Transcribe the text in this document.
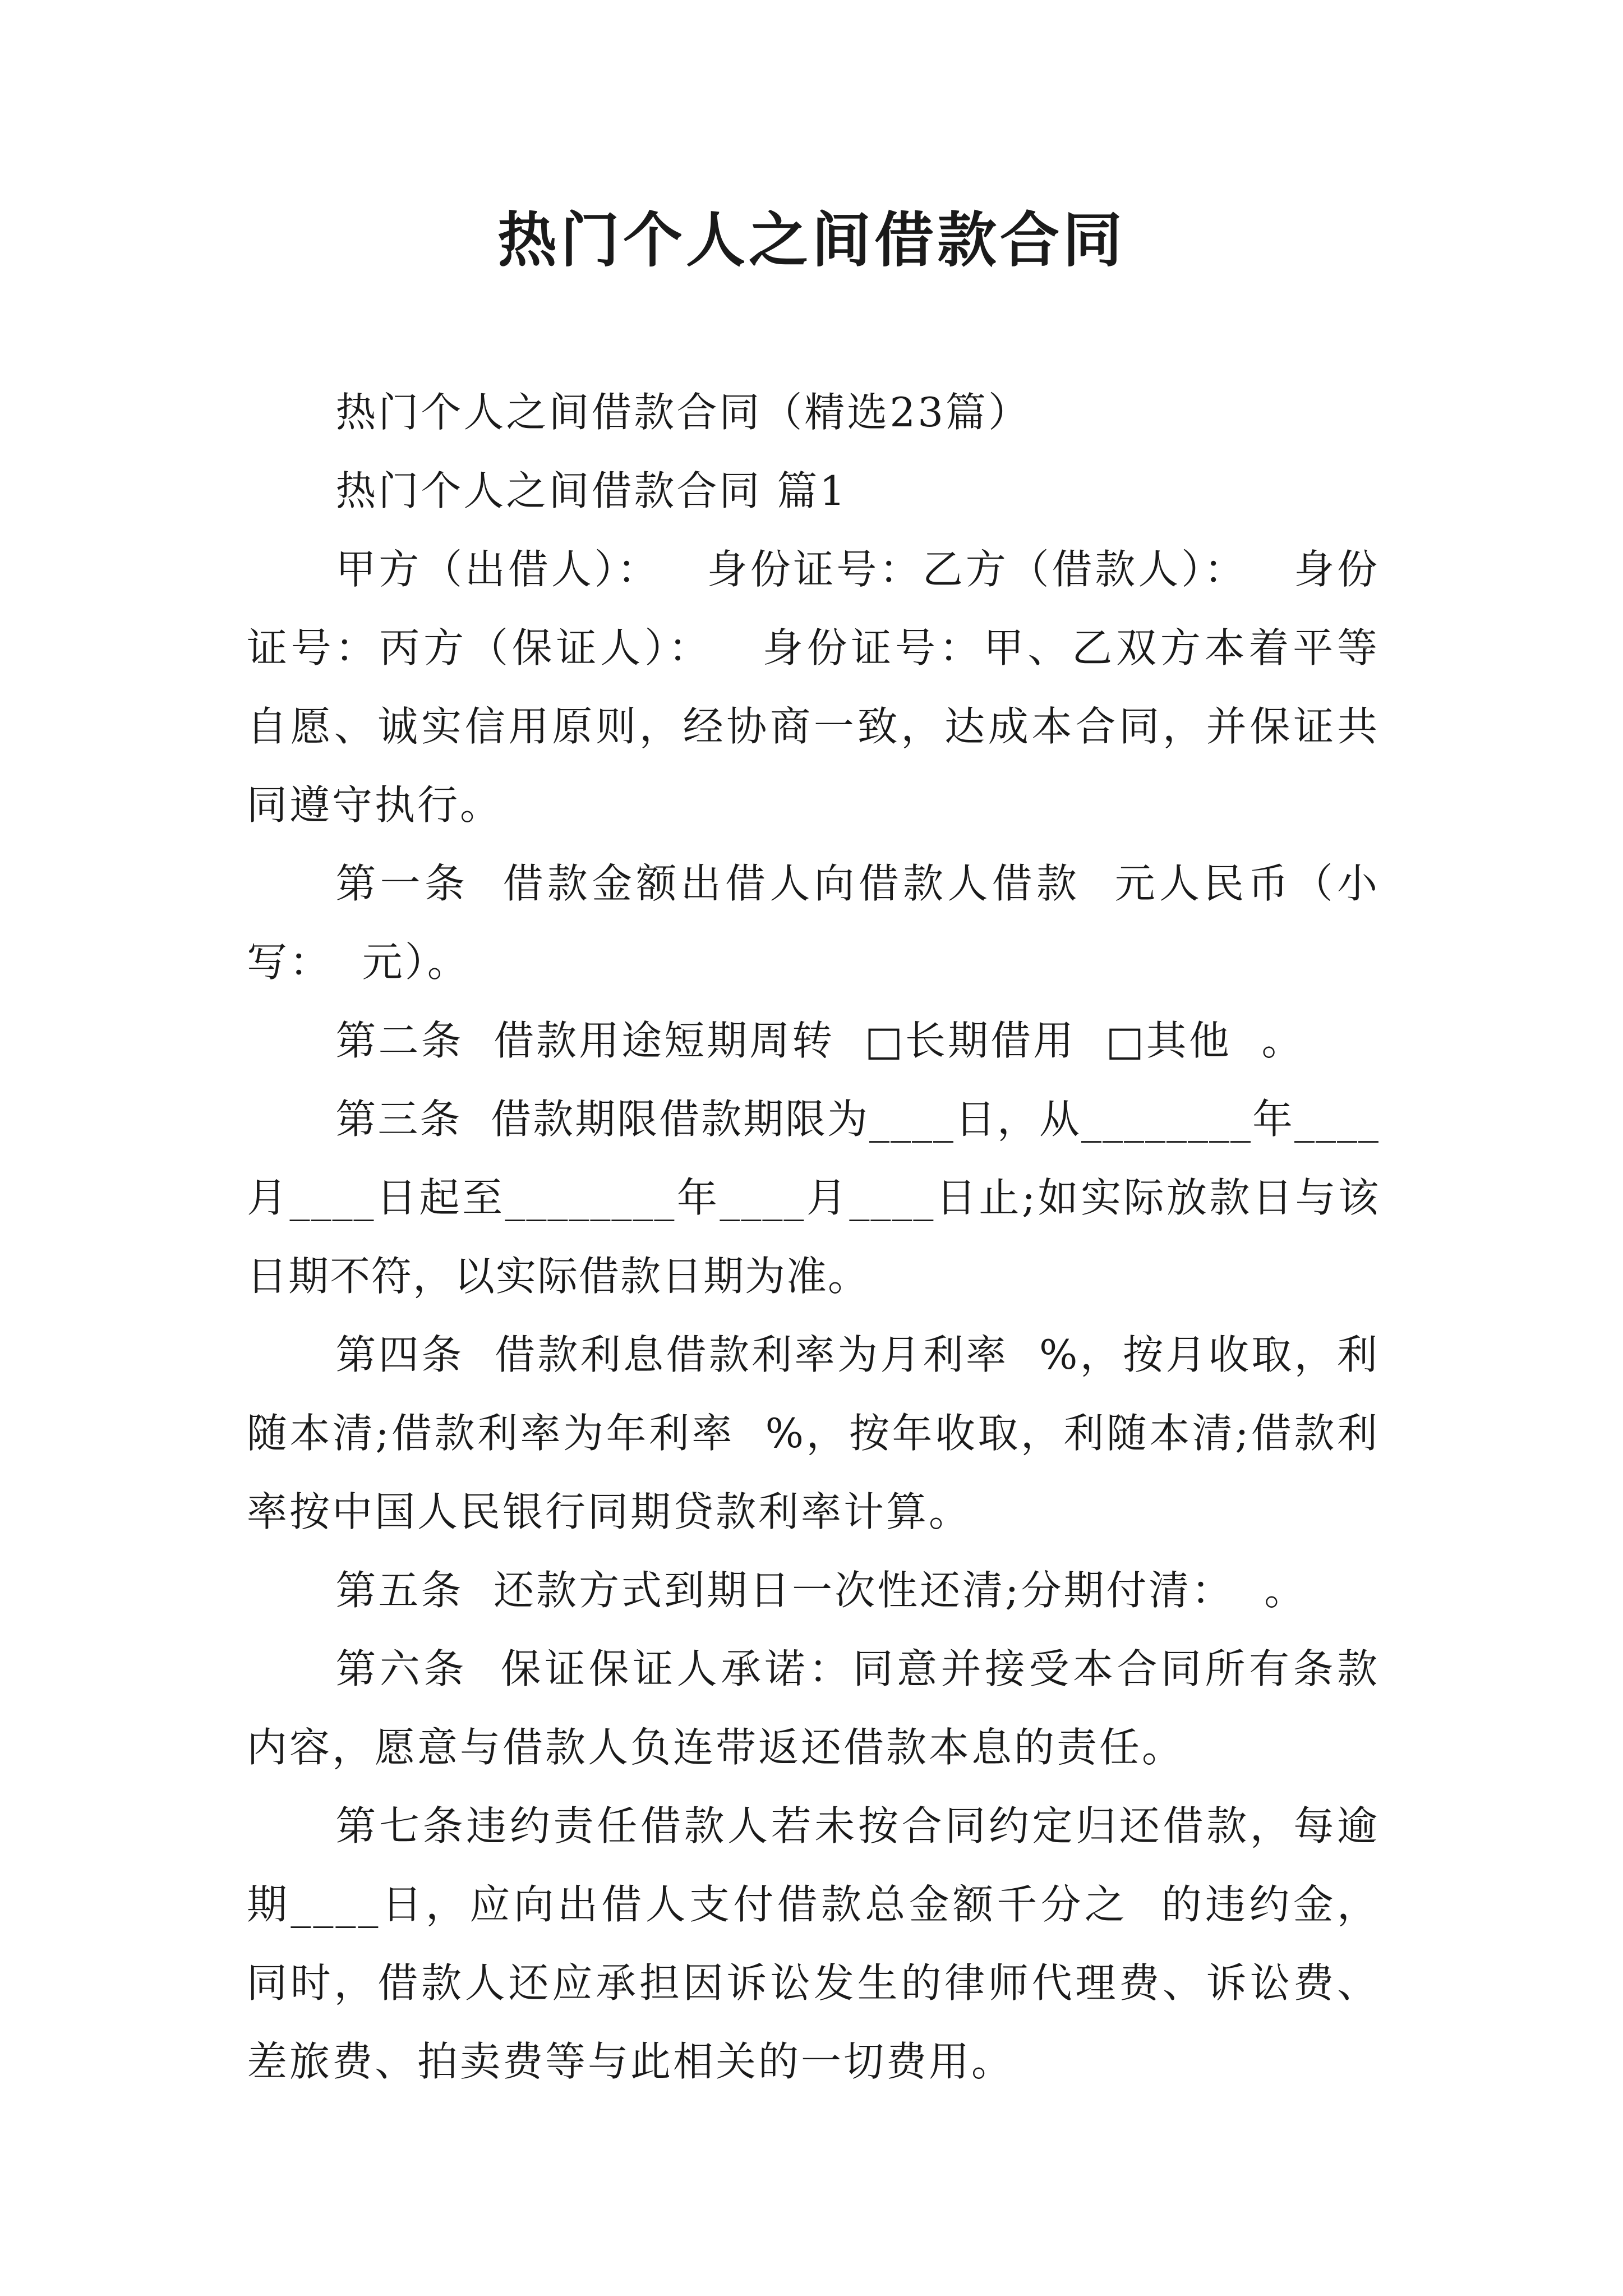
热门个人之间借款合同

热门个人之间借款合同（精选23篇）

热门个人之间借款合同 篇1

甲方（出借人）：   身份证号：乙方（借款人）：   身份证号：丙方（保证人）：   身份证号：甲、乙双方本着平等自愿、诚实信用原则，经协商一致，达成本合同，并保证共同遵守执行。

第一条  借款金额出借人向借款人借款  元人民币（小写：  元）。

第二条  借款用途短期周转  □长期借用  □其他  。

第三条  借款期限借款期限为____日，从________年____月____日起至________年____月____日止;如实际放款日与该日期不符，以实际借款日期为准。

第四条  借款利息借款利率为月利率  %，按月收取，利随本清;借款利率为年利率  %，按年收取，利随本清;借款利率按中国人民银行同期贷款利率计算。

第五条  还款方式到期日一次性还清;分期付清：  。

第六条  保证保证人承诺：同意并接受本合同所有条款内容，愿意与借款人负连带返还借款本息的责任。

第七条违约责任借款人若未按合同约定归还借款，每逾期____日，应向出借人支付借款总金额千分之  的违约金，同时，借款人还应承担因诉讼发生的律师代理费、诉讼费、差旅费、拍卖费等与此相关的一切费用。
